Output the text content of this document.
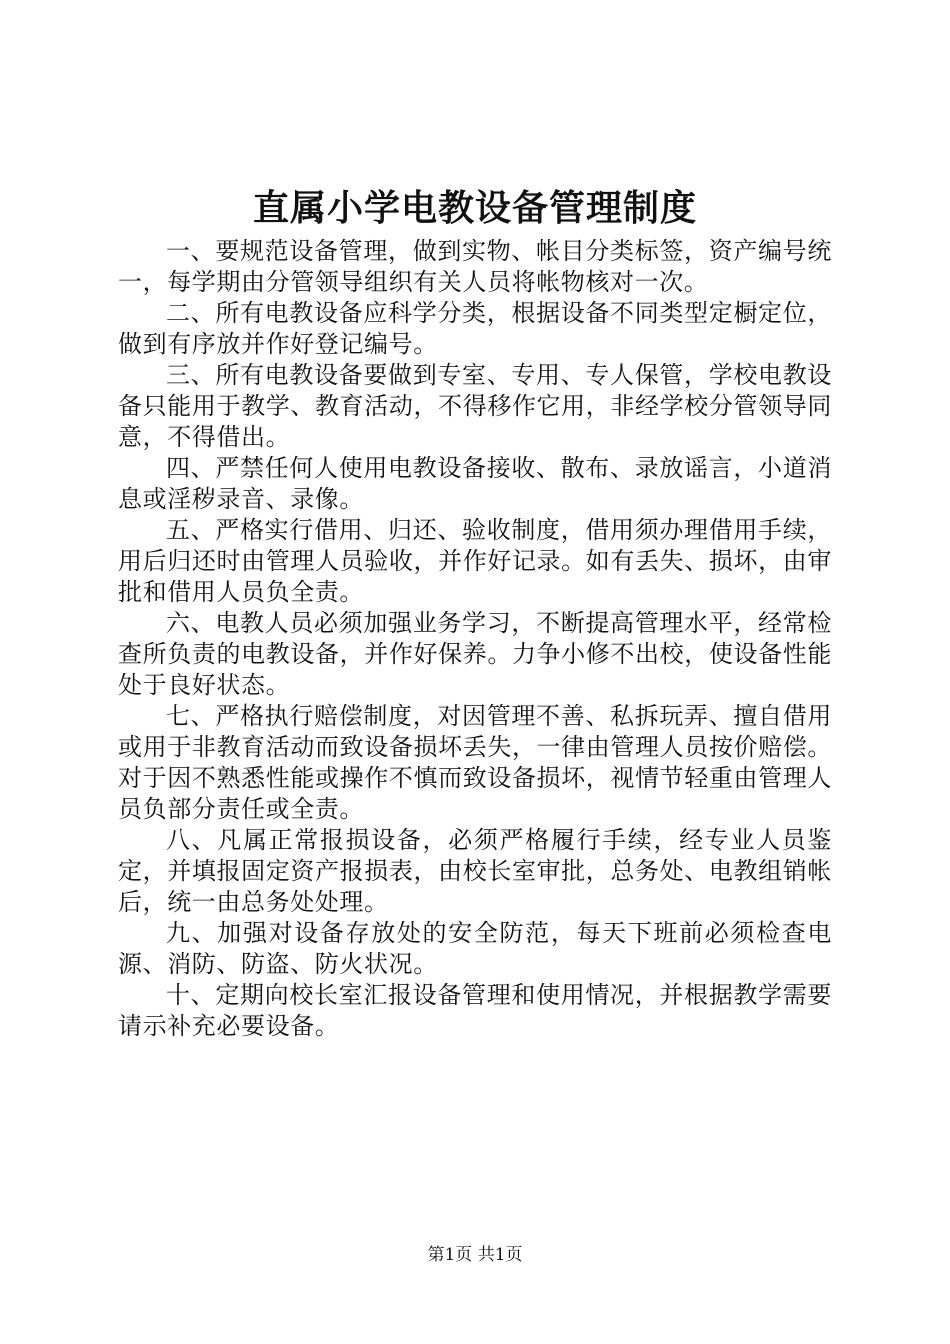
直属小学电教设备管理制度

一、要规范设备管理，做到实物、帐目分类标签，资产编号统一，每学期由分管领导组织有关人员将帐物核对一次。

二、所有电教设备应科学分类，根据设备不同类型定橱定位，做到有序放并作好登记编号。

三、所有电教设备要做到专室、专用、专人保管，学校电教设备只能用于教学、教育活动，不得移作它用，非经学校分管领导同意，不得借出。

四、严禁任何人使用电教设备接收、散布、录放谣言，小道消息或淫秽录音、录像。

五、严格实行借用、归还、验收制度，借用须办理借用手续，用后归还时由管理人员验收，并作好记录。如有丢失、损坏，由审批和借用人员负全责。

六、电教人员必须加强业务学习，不断提高管理水平，经常检查所负责的电教设备，并作好保养。力争小修不出校，使设备性能处于良好状态。

七、严格执行赔偿制度，对因管理不善、私拆玩弄、擅自借用或用于非教育活动而致设备损坏丢失，一律由管理人员按价赔偿。对于因不熟悉性能或操作不慎而致设备损坏，视情节轻重由管理人员负部分责任或全责。

八、凡属正常报损设备，必须严格履行手续，经专业人员鉴定，并填报固定资产报损表，由校长室审批，总务处、电教组销帐后，统一由总务处处理。

九、加强对设备存放处的安全防范，每天下班前必须检查电源、消防、防盗、防火状况。

十、定期向校长室汇报设备管理和使用情况，并根据教学需要请示补充必要设备。

第1页 共1页
